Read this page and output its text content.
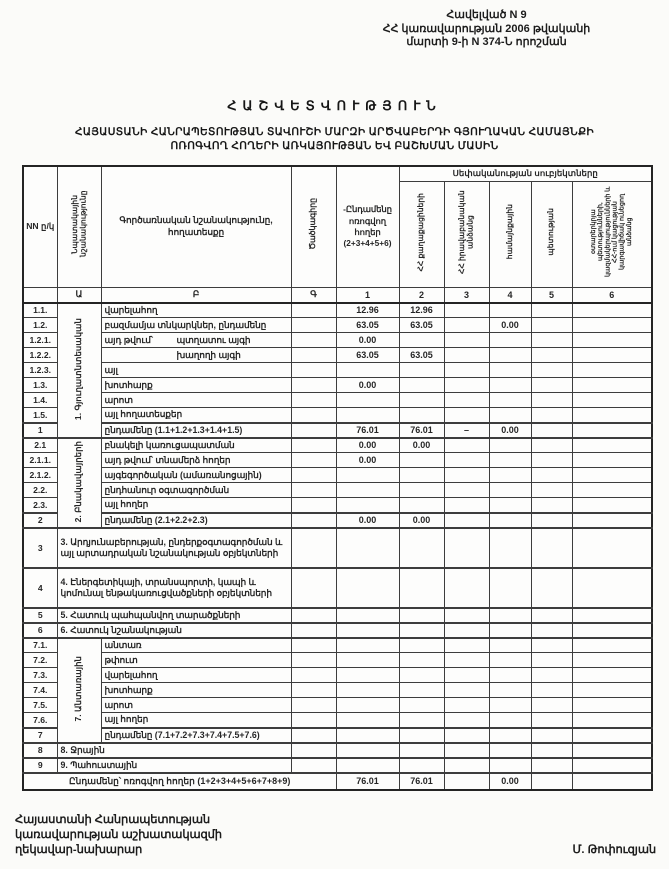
Հավելված N 9
ՀՀ կառավարության 2006 թվականի
մարտի 9-ի N 374-Ն որոշման
ՀԱՇՎԵՏՎՈՒԹՅՈՒՆ
ՀԱՅԱՍՏԱՆԻ ՀԱՆՐԱՊԵՏՈՒԹՅԱՆ ՏԱՎՈՒՇԻ ՄԱՐԶԻ ԱՐԾՎԱԲԵՐԴԻ ԳՅՈՒՂԱԿԱՆ ՀԱՄԱՅՆՔԻ
ՈՌՈԳՎՈՂ ՀՈՂԵՐԻ ԱՌԿԱՅՈՒԹՅԱՆ ԵՎ ԲԱՇԽՄԱՆ ՄԱՍԻՆ
NN ը/կ	Նպատակային նշանակությունը	Գործառնական նշանակությունը, հողատեսքը	Ծածկագիրը	-Ընդամենը ոռոգվող հողեր (2+3+4+5+6)	Սեփականության սուբյեկտները				
					ՀՀ քաղաքացիների	ՀՀ իրավաբանական անձանց	համայնքային	պետության	օտարերկրյա պետությունների, կազմակերպությունների և ՀՀ-ում կացության կարգավիճակ ունեցող անձանց
	Ա	Բ	Գ	1	2	3	4	5	6
1.1.	1. Գյուղատնտեսական	վարելահող		12.96	12.96				
1.2.		բազմամյա տնկարկներ, ընդամենը		63.05	63.05		0.00		
1.2.1.		այդ թվում՝ պտղատու այգի		0.00					
1.2.2.		խաղողի այգի		63.05	63.05				
1.2.3.		այլ							
1.3.		խոտհարք		0.00					
1.4.		արոտ							
1.5.		այլ հողատեսքեր							
1		ընդամենը (1.1+1.2+1.3+1.4+1.5)		76.01	76.01	–	0.00		
2.1	2. Բնակավայրերի	բնակելի կառուցապատման		0.00	0.00				
2.1.1.		այդ թվում՝ տնամերձ հողեր		0.00					
2.1.2.		այգեգործական (ամառանոցային)							
2.2.		ընդհանուր օգտագործման							
2.3.		այլ հողեր							
2		ընդամենը (2.1+2.2+2.3)		0.00	0.00				
3	3. Արդյունաբերության, ընդերքօգտագործման և այլ արտադրական նշանակության օբյեկտների								
4	4. Էներգետիկայի, տրանսպորտի, կապի և կոմունալ ենթակառուցվածքների օբյեկտների								
5	5. Հատուկ պահպանվող տարածքների								
6	6. Հատուկ նշանակության								
7.1.	7. Անտառային	անտառ							
7.2.		թփուտ							
7.3.		վարելահող							
7.4.		խոտհարք							
7.5.		արոտ							
7.6.		այլ հողեր							
7		ընդամենը (7.1+7.2+7.3+7.4+7.5+7.6)							
8	8. Ջրային								
9	9. Պահուստային								
Ընդամենը՝ ոռոգվող հողեր (1+2+3+4+5+6+7+8+9)				76.01	76.01		0.00		
Հայաստանի Հանրապետության
կառավարության աշխատակազմի
ղեկավար-նախարար	Մ. Թոփուզյան
